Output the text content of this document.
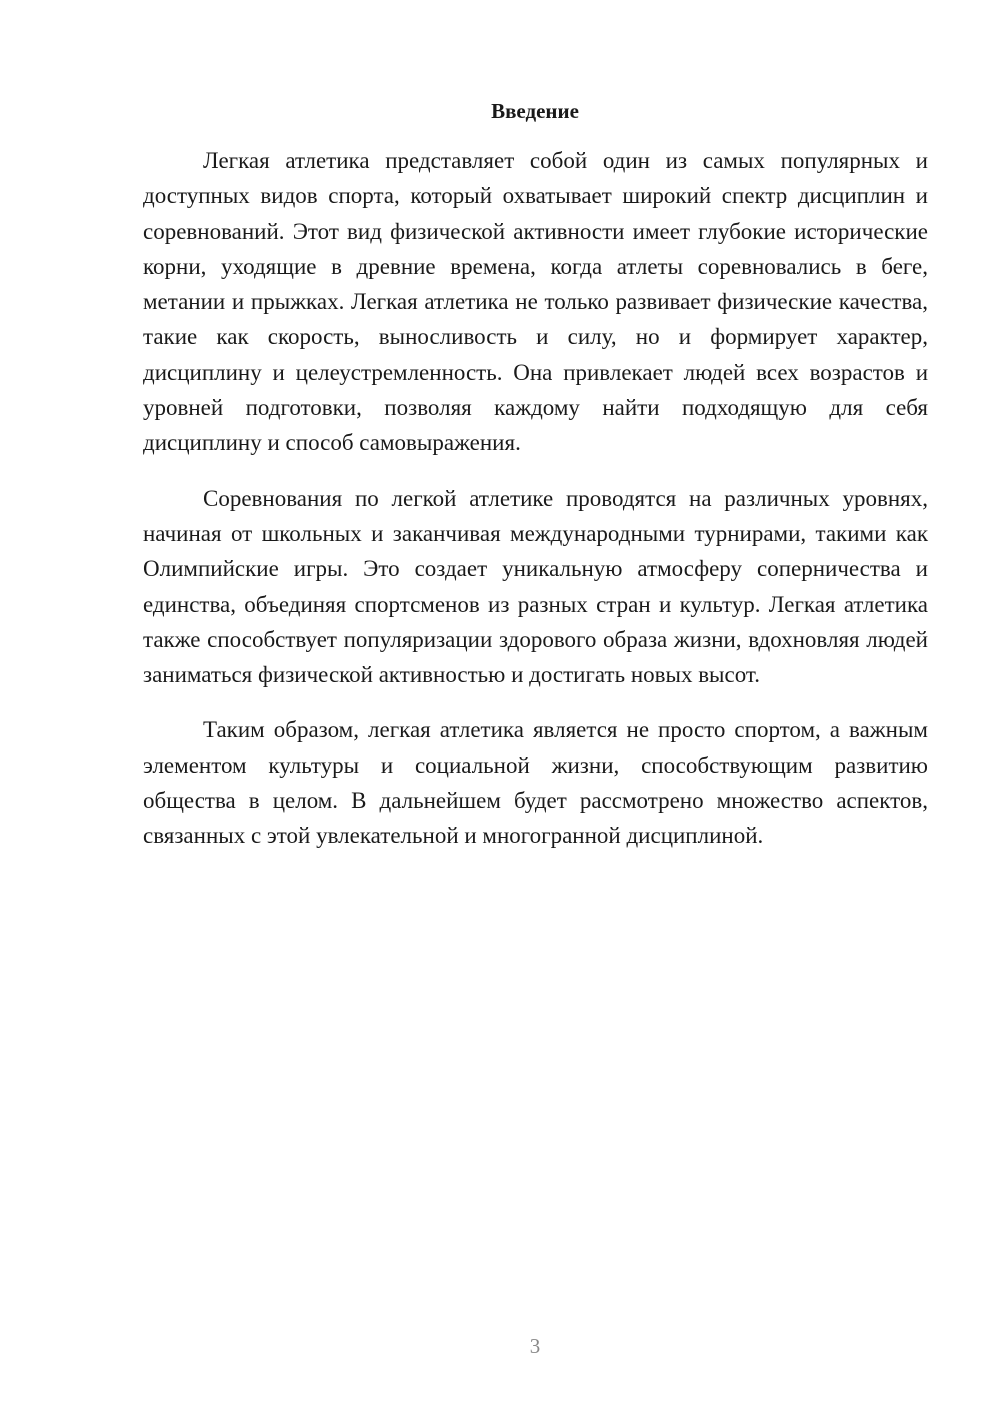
Введение

Легкая атлетика представляет собой один из самых популярных и доступных видов спорта, который охватывает широкий спектр дисциплин и соревнований. Этот вид физической активности имеет глубокие исторические корни, уходящие в древние времена, когда атлеты соревновались в беге, метании и прыжках. Легкая атлетика не только развивает физические качества, такие как скорость, выносливость и силу, но и формирует характер, дисциплину и целеустремленность. Она привлекает людей всех возрастов и уровней подготовки, позволяя каждому найти подходящую для себя дисциплину и способ самовыражения.

Соревнования по легкой атлетике проводятся на различных уровнях, начиная от школьных и заканчивая международными турнирами, такими как Олимпийские игры. Это создает уникальную атмосферу соперничества и единства, объединяя спортсменов из разных стран и культур. Легкая атлетика также способствует популяризации здорового образа жизни, вдохновляя людей заниматься физической активностью и достигать новых высот.

Таким образом, легкая атлетика является не просто спортом, а важным элементом культуры и социальной жизни, способствующим развитию общества в целом. В дальнейшем будет рассмотрено множество аспектов, связанных с этой увлекательной и многогранной дисциплиной.

3
